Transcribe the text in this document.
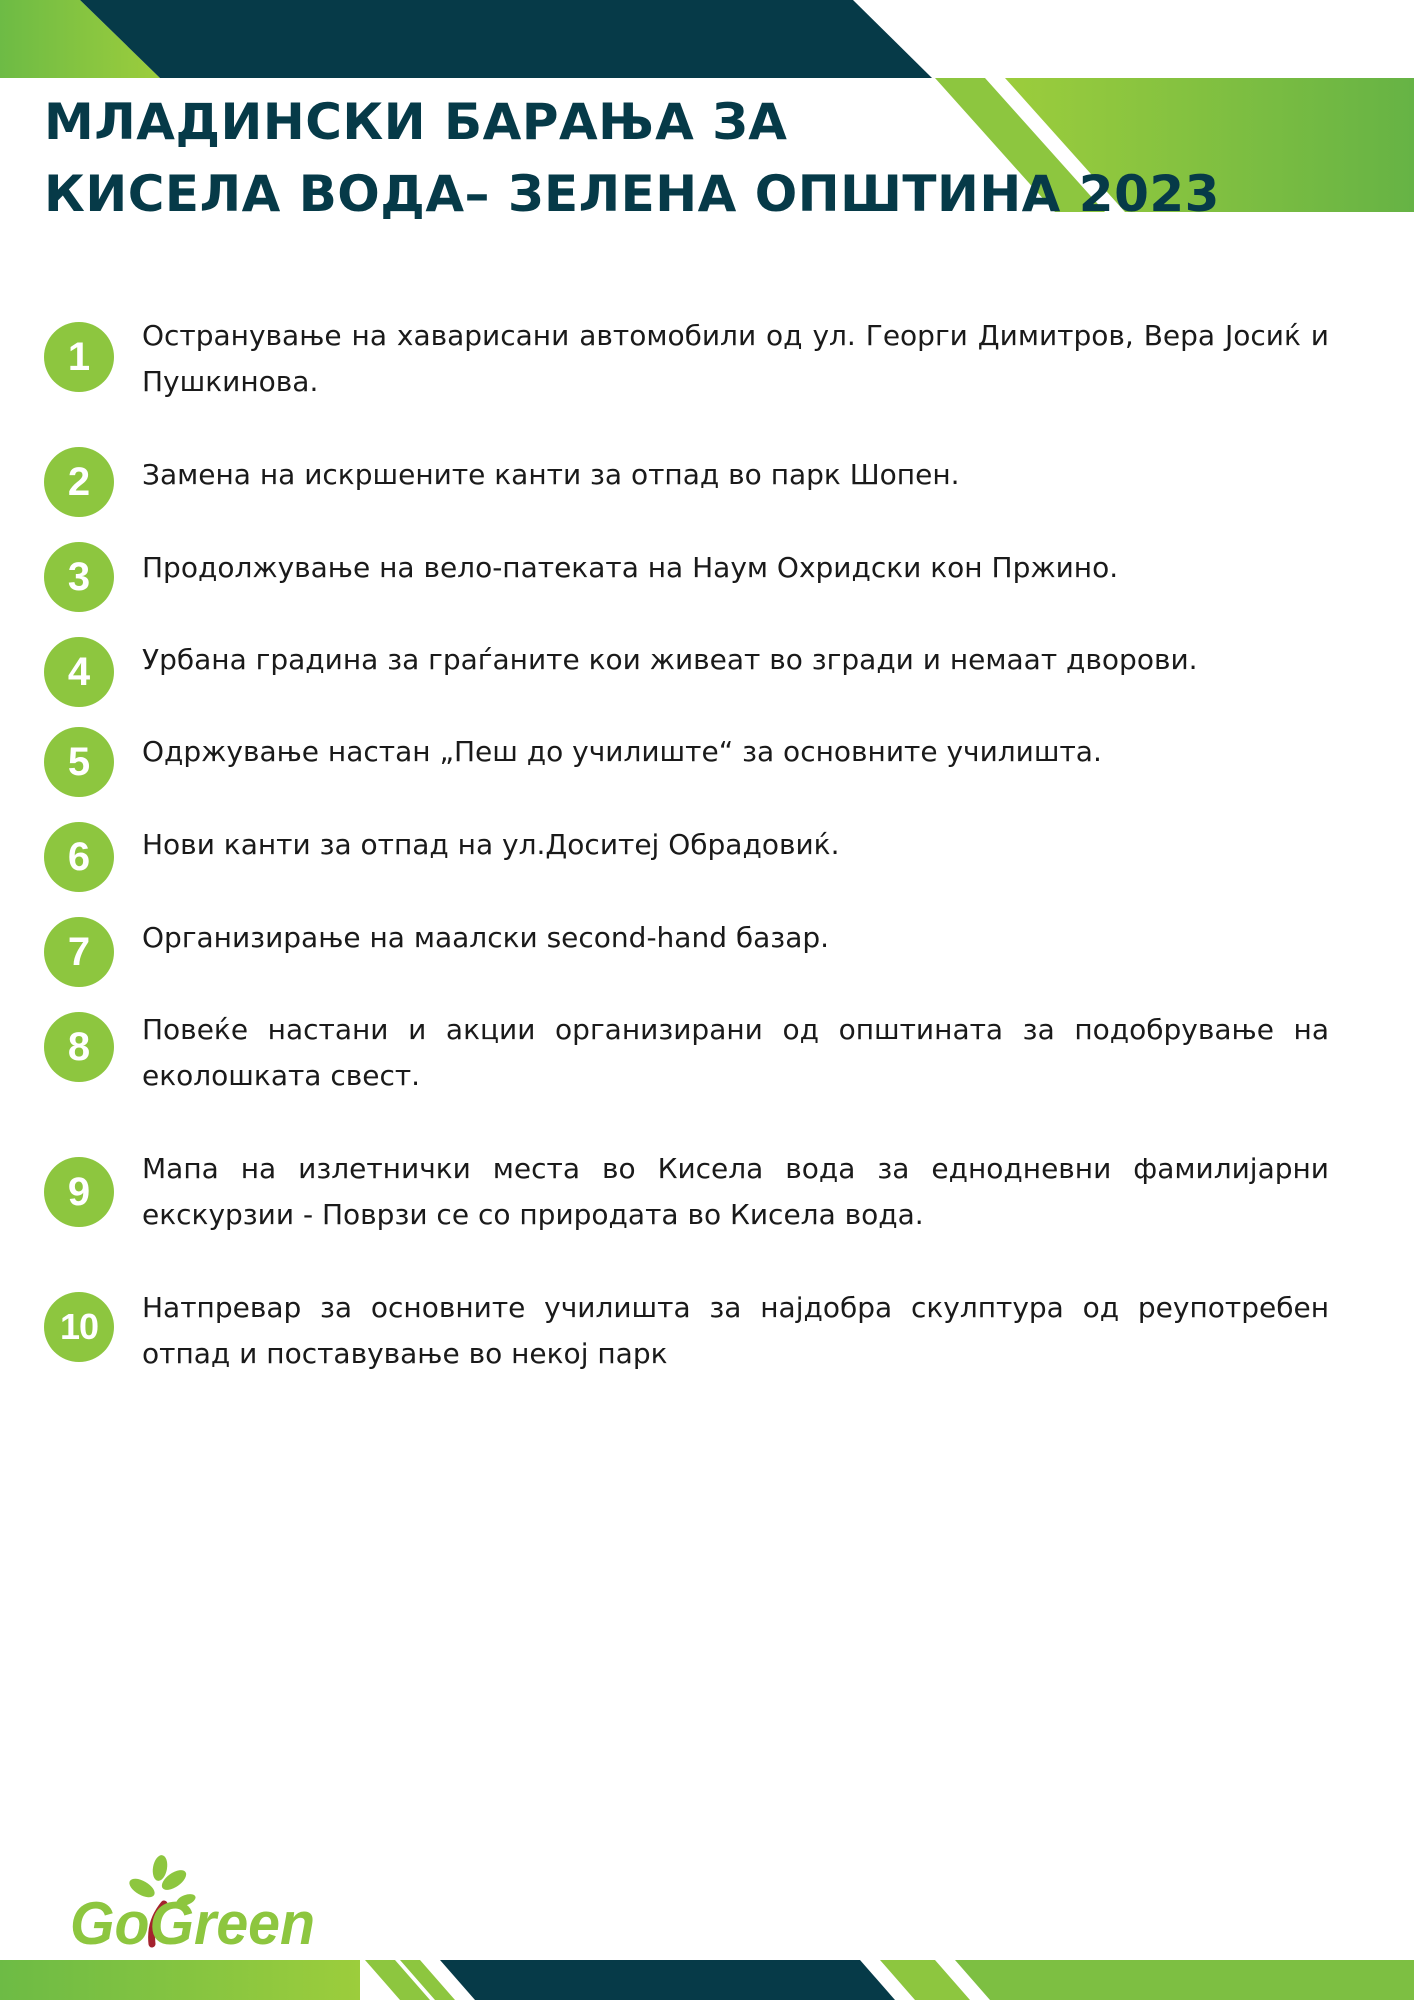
МЛАДИНСКИ БАРАЊА ЗА
КИСЕЛА ВОДА– ЗЕЛЕНА ОПШТИНА 2023
1	Остранување на хаварисани автомобили од ул. Георги Димитров, Вера Јосиќ и Пушкинова.
2	Замена на искршените канти за отпад во парк Шопен.
3	Продолжување на вело-патеката на Наум Охридски кон Пржино.
4	Урбана градина за граѓаните кои живеат во згради и немаат дворови.
5	Одржување настан „Пеш до училиште“ за основните училишта.
6	Нови канти за отпад на ул.Доситеј Обрадовиќ.
7	Организирање на маалски second-hand базар.
8	Повеќе настани и акции организирани од општината за подобрување на еколошката свест.
9
Мапа на излетнички места во Кисела вода за еднодневни фамилијарни екскурзии - Поврзи се со природата во Кисела вода.
10	Натпревар за основните училишта за најдобра скулптура од реупотребен отпад и поставување во некој парк
GoGreen
